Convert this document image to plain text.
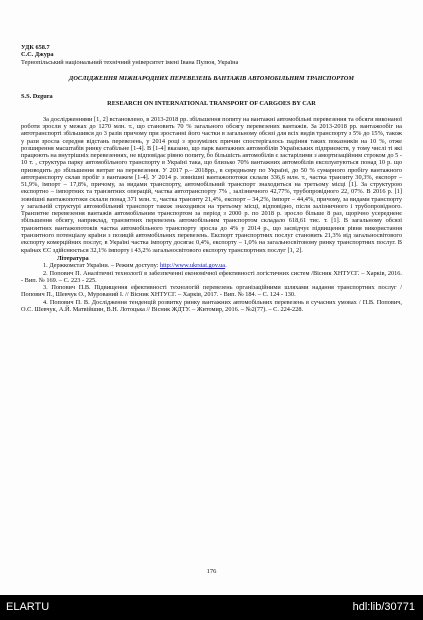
УДК 658.7

С.С. Джура

Тернопільський національний технічний університет імені Івана Пулюя, Україна

ДОСЛІДЖЕННЯ МІЖНАРОДНИХ ПЕРЕВЕЗЕНЬ ВАНТАЖІВ АВТОМОБІЛЬНИМ ТРАНСПОРТОМ

S.S. Dzgura

RESEARCH ON INTERNATIONAL TRANSPORT OF CARGOES BY CAR

За дослідженнями [1, 2] встановлено, в 2013-2018 рр. збільшення попиту на вантажні автомобільні перевезення та обсяги виконаної роботи зросли у межах до 1270 млн. т., що становить 70 % загального обсягу перевезених вантажів. За 2013-2018 рр. вантажообіг на автотранспорті збільшився до 3 разів причому при зростанні його частки в загальному обсязі для всіх видів транспорту з 5% до 15%, також у рази зросла середня відстань перевезень, у 2014 році з зрозумілих причин спостерігалось падіння таких показників на 10 %, отже розширення масштабів ринку стабільне [1-4]. В [1-4] вказано, що парк вантажних автомобілів Українських підприємств, у тому числі ті які працюють на внутрішніх перевезеннях, не відповідає рівню попиту, бо більшість автомобілів є застарілими з амортизаційним строком до 5 - 10 т. , структура парку автомобільного транспорту в Україні така, що близько 70% вантажних автомобілів експлуатуються понад 10 р. що призводить до збільшення витрат на перевезення. У 2017 р.– 2018рр., в середньому по Україні, до 50 % сумарного пробігу вантажного автотранспорту склав пробіг з вантажем [1-4]. У 2014 р. зовнішні вантажопотоки склали 336,6 млн. т., частка транзиту 30,3%, експорт – 51,9%, імпорт – 17,8%, причому, за видами транспорту, автомобільний транспорт знаходиться на третьому місці [1]. За структурою експортно – імпортних та транзитних операцій, частка автотранспорту 7% , залізничного 42,77%, трубопровідного 22, 07%. В 2016 р. [1] зовнішні вантажопотоки склали понад 371 млн. т., частка транзиту 21,4%, експорт – 34,2%, імпорт – 44,4%, причому, за видами транспорту у загальній структурі автомобільний транспорт також знаходився на третьому місці, відповідно, після залізничного і трубопровідного. Транзитне перевезення вантажів автомобільним транспортом за період з 2000 р. по 2018 р. зросло більше 8 раз, щорічно усередненє збільшення обсягу, наприклад, транзитних перевезень автомобільним транспортом складало 618,61 тис. т. [1]. В загальному обсязі транзитних вантажопотоків частка автомобільного транспорту зросла до 4% у 2014 р., що засвідчує підвищення рівня використання транзитного потенціалу країни з позицій автомобільних перевезень. Експорт транспортних послуг становить 21,3% від загальносвітового експорту комерційних послуг, в Україні частка імпорту досягає 0,4%, експорту – 1,0% на загальносвітовому ринку транспортних послуг. В країнах ЄС здійснюється 32,1% імпорту і 43,2% загальносвітового експорту транспортних послуг [1, 2].

Література

1. Держкомстат України. – Режим доступу: http://www.ukrstat.gov.ua.

2. Попович П. Аналітичні технології в забезпеченні економічної ефективності логістичних систем /Вісник ХНТУСГ. – Харків, 2016. - Вип. № 169. – С. 223 - 225.

3. Попович П.В. Підвищення ефективності технологій перевезень організаційними шляхами надання транспортних послуг / Попович П., Шевчук О., Мурований І. // Вісник ХНТУСГ. – Харків, 2017. - Вип. № 184. – С. 124 - 130.

4. Попович П. В. Дослідження тенденцій розвитку ринку вантажних автомобільних перевезень в сучасних умовах / П.В. Попович, О.С. Шевчук, А.Й. Матвійшин, В.Н. Лотоцька // Вісник ЖДТУ. – Житомир, 2016. – №2(77). – С. 224-228.

176
ELARTU	hdl:lib/30771
